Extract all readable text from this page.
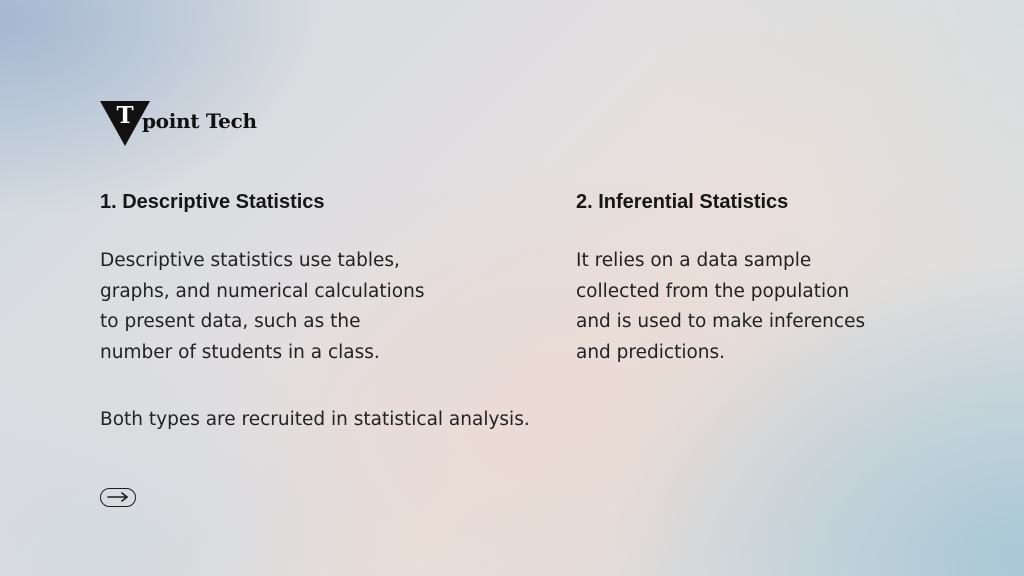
T point Tech
1. Descriptive Statistics
Descriptive statistics use tables,
graphs, and numerical calculations
to present data, such as the
number of students in a class.
2. Inferential Statistics
It relies on a data sample
collected from the population
and is used to make inferences
and predictions.
Both types are recruited in statistical analysis.
